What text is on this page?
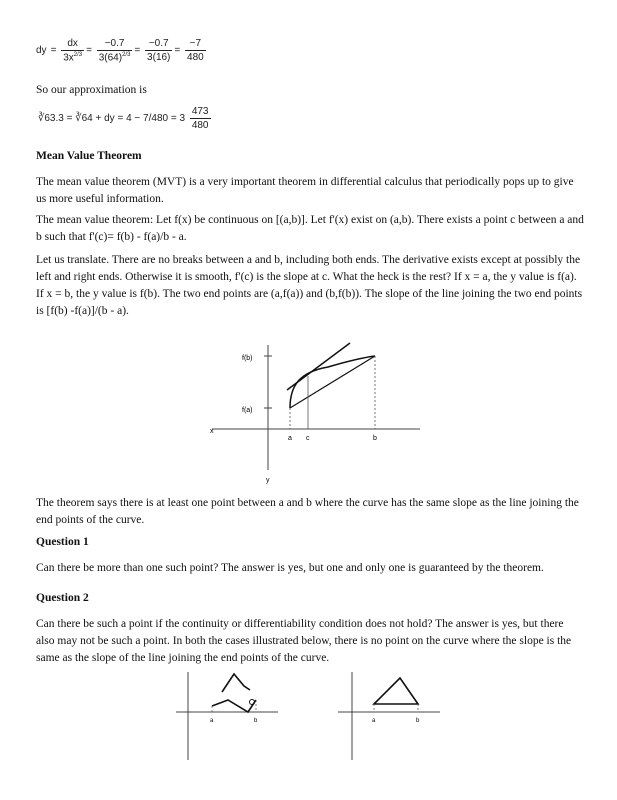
dy = $\frac{dx}{3x^{2/3}} = \frac{-0.7}{3(64)^{2/3}} = \frac{-0.7}{3(16)} = \frac{-7}{480}$

So our approximation is

∛63.3 = ∛64 + dy = $4 - 7/480 = 3 \frac{473}{480}$
Mean Value Theorem

The mean value theorem (MVT) is a very important theorem in differential calculus that periodically pops up to give us more useful information.

The mean value theorem: Let f(x) be continuous on [(a,b)]. Let f'(x) exist on (a,b). There exists a point c between a and b such that f'(c)= f(b) - f(a)/b - a.

Let us translate. There are no breaks between a and b, including both ends. The derivative exists except at possibly the left and right ends. Otherwise it is smooth, f'(c) is the slope at c. What the heck is the rest? If x = a, the y value is f(a). If x = b, the y value is f(b). The two end points are (a,f(a)) and (b,f(b)). The slope of the line joining the two end points is [f(b) -f(a)]/(b - a).

f(b)
f(a)
x
y
a c	b

The theorem says there is at least one point between a and b where the curve has the same slope as the line joining the end points of the curve.

Question 1

Can there be more than one such point? The answer is yes, but one and only one is guaranteed by the theorem.

Question 2

Can there be such a point if the continuity or differentiability condition does not hold? The answer is yes, but there also may not be such a point. In both the cases illustrated below, there is no point on the curve where the slope is the same as the slope of the line joining the end points of the curve.

a	b	a	b
